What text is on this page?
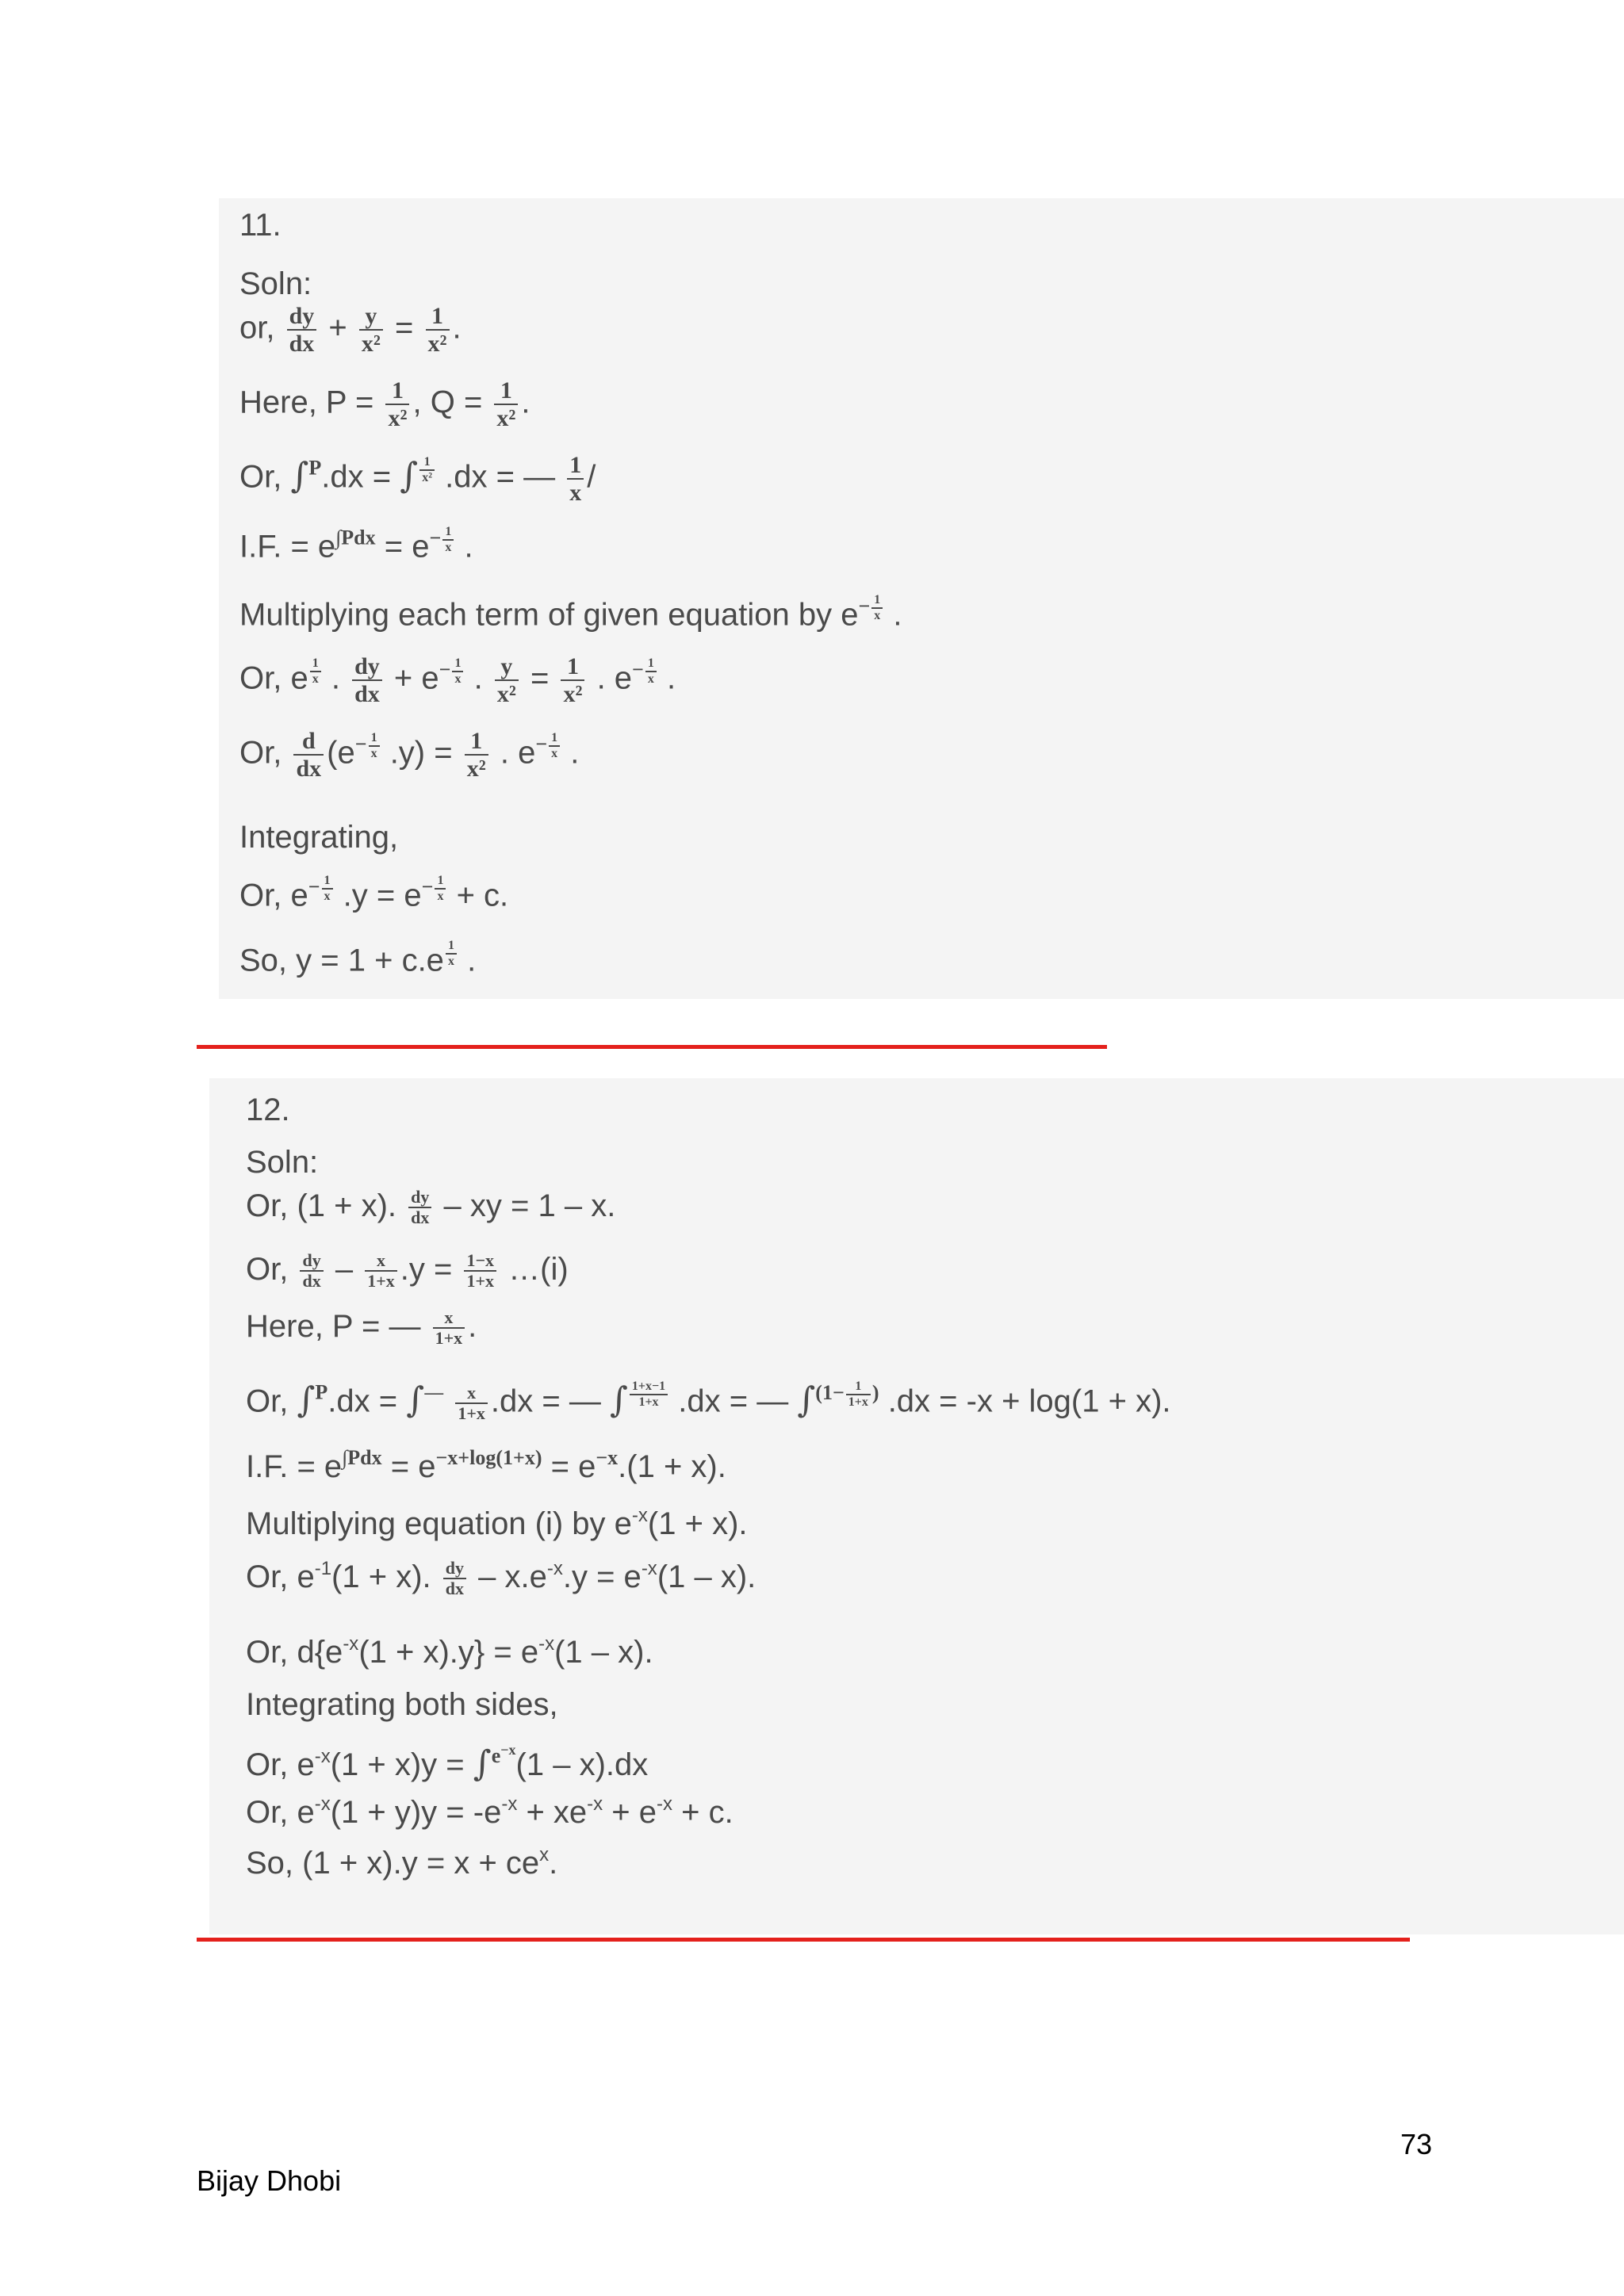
11.
Soln:
or, $\frac{dy}{dx} + \frac{y}{\text{x²}} = \frac{1}{\text{x²}}$ .
Here, $P = \frac{1}{\text{x²}}$ , $Q = \frac{1}{\text{x²}}$ .
Or, ∫$^P$.dx = ∫ $^{\frac{1}{\text{x²}}}$ .dx = — $\frac{1}{x}$ /
I.F. = $e^{\int Pdx} = e^{- \frac{1}{x}}$ .
Multiplying each term of given equation by $e^{- \frac{1}{x}}$ .
Or, e $^{\frac{1}{x}}$ . $\frac{dy}{dx} + e^{- \frac{1}{x}}$ . $\frac{y}{\text{x²}} = \frac{1}{\text{x²}}$ . $e^{- \frac{1}{x}}$ .
Or, $\frac{d}{dx} (e^{- \frac{1}{x}}$ $.y) = \frac{1}{\text{x²}}$ . $e^{- \frac{1}{x}}$ .
Integrating,
Or, $e^{- \frac{1}{x}}$ $.y = e^{- \frac{1}{x}} + c$.
So, y = 1 + c.e $^{\frac{1}{x}}$ .
12.
Soln:
Or, (1 + x). $\frac{dy}{dx}$ – xy = 1 – x.
Or, $\frac{dy}{dx} - \frac{x}{1+x} .y = \frac{1-x}{1+x}$ …(i)
Here, P = — $\frac{x}{1+x}$ .
Or, $\int^P.dx = \int^— \frac{x}{1+x} .dx$ = — ∫ $^{\frac{1+x-1}{1+x}}$ .dx = — ∫$^{(1- \frac{1}{1+x} )}$ .dx = -x + log(1 + x).
I.F. = $e^{\int Pdx} = e^{-x+log(1+x)} = e^{-x}.(1 + x)$.
Multiplying equation (i) by $e^{-x}(1 + x)$.
Or, $e^{-1}(1 + x)$. $\frac{dy}{dx} - x.e^{-x}.y = e^{-x}(1 - x)$.
Or, $d\{e^{-x}(1 + x).y\} = e^{-x}(1 - x)$.
Integrating both sides,
Or, $e^{-x}(1 + x)y = \int^{e^{-x}}(1 - x).dx$
Or, $e^{-x}(1 + y)y = -e^{-x} + xe^{-x} + e^{-x} + c$.
So, $(1 + x).y = x + ce^x$.
73
Bijay Dhobi
